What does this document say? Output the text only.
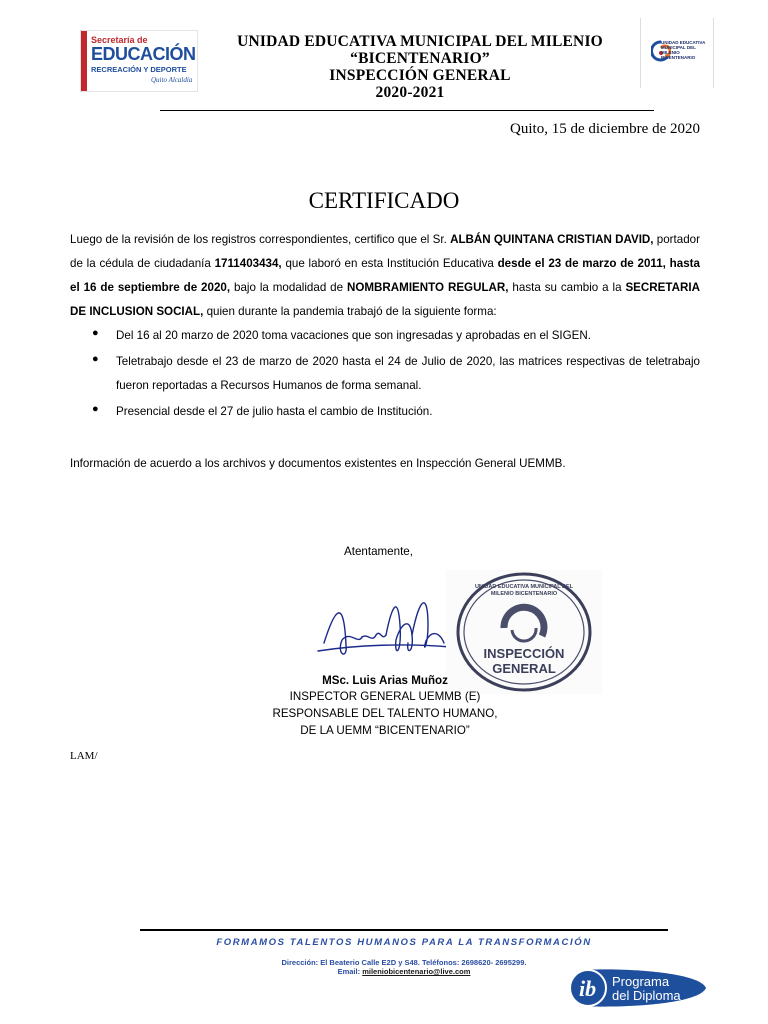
Secretaría de
EDUCACIÓN
RECREACIÓN Y DEPORTE
Quito Alcaldía
UNIDAD EDUCATIVA MUNICIPAL DEL MILENIO BICENTENARIO
UNIDAD EDUCATIVA MUNICIPAL DEL MILENIO
“BICENTENARIO”
INSPECCIÓN GENERAL
2020-2021
Quito, 15 de diciembre de 2020
CERTIFICADO
Luego de la revisión de los registros correspondientes, certifico que el Sr. ALBÁN QUINTANA CRISTIAN DAVID, portador de la cédula de ciudadanía 1711403434, que laboró en esta Institución Educativa desde el 23 de marzo de 2011, hasta el 16 de septiembre de 2020, bajo la modalidad de NOMBRAMIENTO REGULAR, hasta su cambio a la SECRETARIA DE INCLUSION SOCIAL, quien durante la pandemia trabajó de la siguiente forma:
● Del 16 al 20 marzo de 2020 toma vacaciones que son ingresadas y aprobadas en el SIGEN.
● Teletrabajo desde el 23 de marzo de 2020 hasta el 24 de Julio de 2020, las matrices respectivas de teletrabajo fueron reportadas a Recursos Humanos de forma semanal.
● Presencial desde el 27 de julio hasta el cambio de Institución.
Información de acuerdo a los archivos y documentos existentes en Inspección General UEMMB.
Atentamente,
UNIDAD EDUCATIVA MUNICIPAL DEL MILENIO BICENTENARIO
INSPECCIÓN
GENERAL
MSc. Luis Arias Muñoz
INSPECTOR GENERAL UEMMB (E)
RESPONSABLE DEL TALENTO HUMANO,
DE LA UEMM “BICENTENARIO”
LAM/
FORMAMOS TALENTOS HUMANOS PARA LA TRANSFORMACIÓN
Dirección: El Beaterio Calle E2D y S48. Teléfonos: 2698620- 2695299.
Email: mileniobicentenario@live.com
ib Programa
del Diploma
